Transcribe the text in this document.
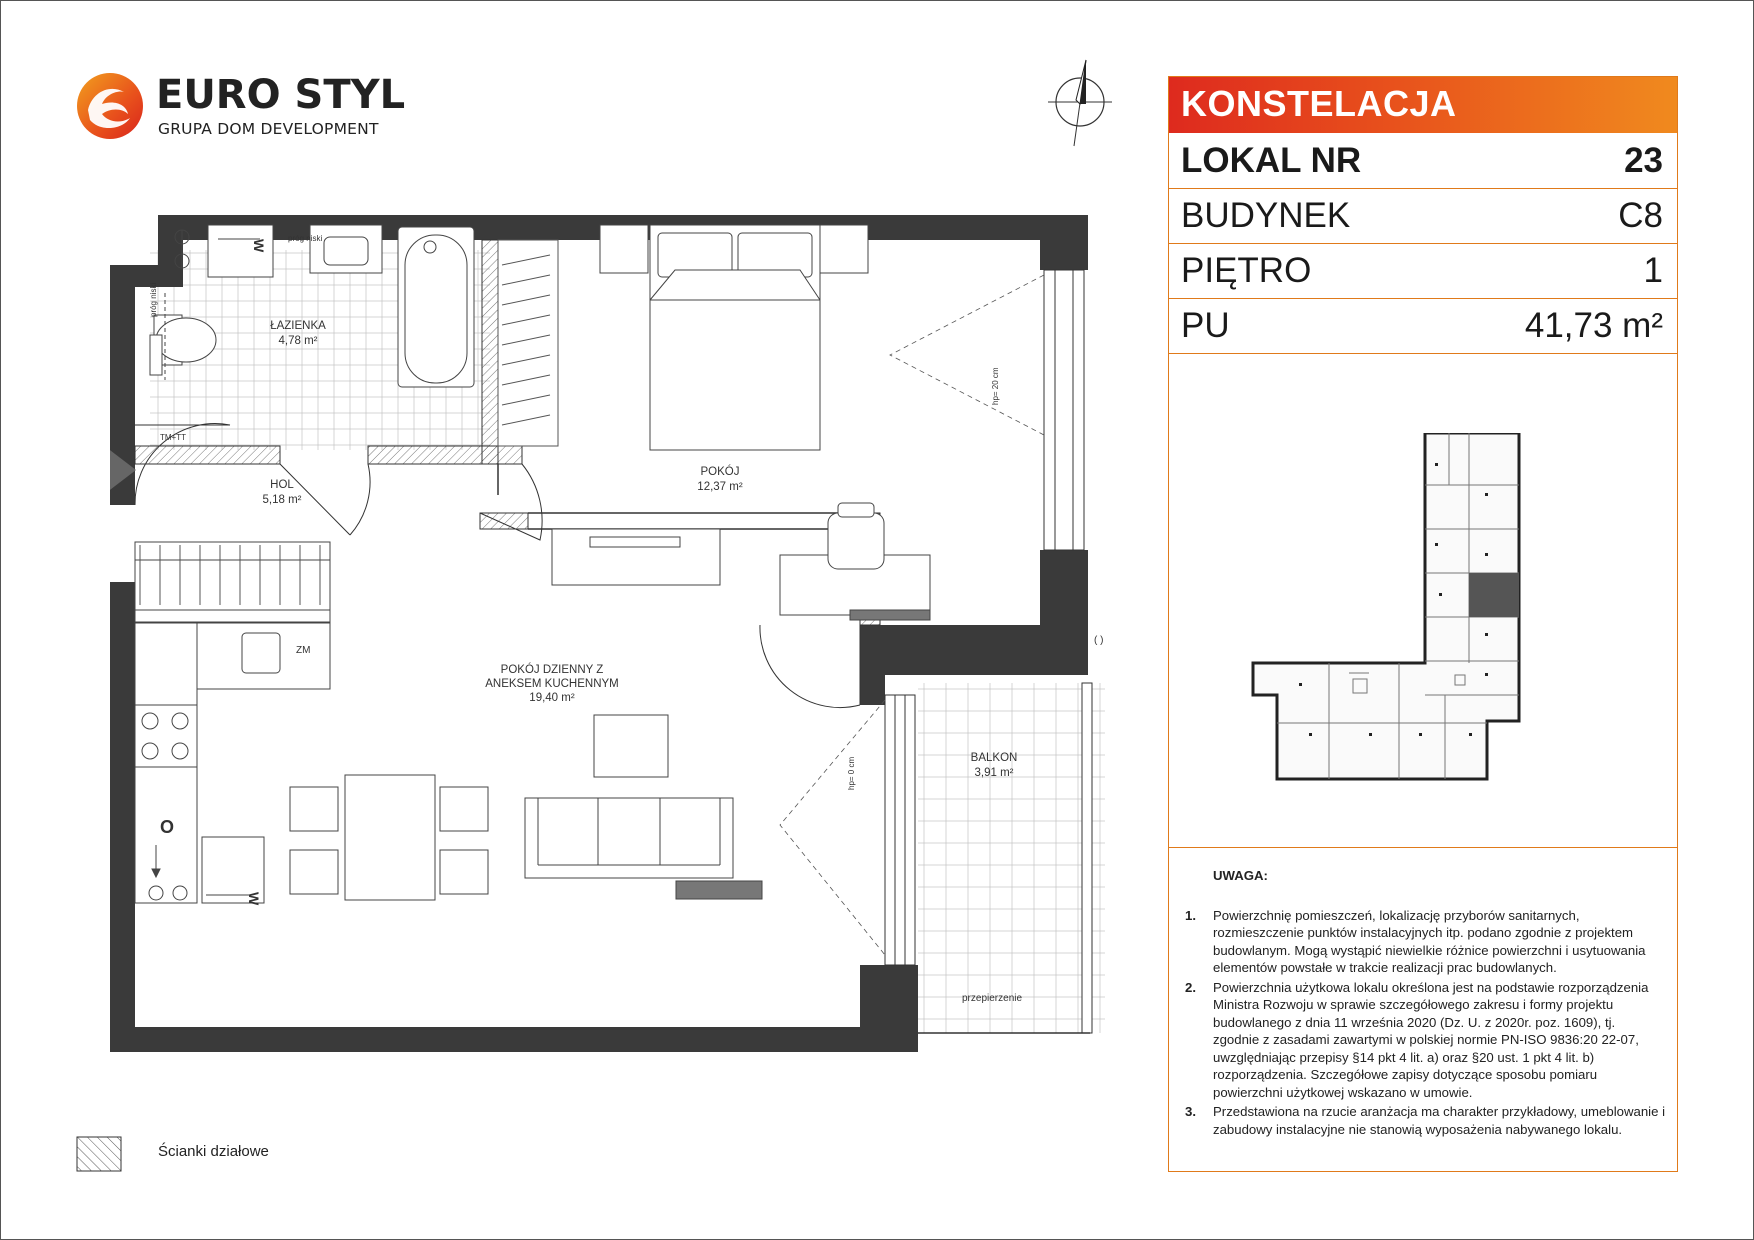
EURO STYL
GRUPA DOM DEVELOPMENT
KONSTELACJA
LOKAL NR	23
BUDYNEK	C8
PIĘTRO	1
PU	41,73 m²
UWAGA:
1. Powierzchnię pomieszczeń, lokalizację przyborów sanitarnych, rozmieszczenie punktów instalacyjnych itp. podano zgodnie z projektem budowlanym. Mogą wystąpić niewielkie różnice powierzchni i usytuowania elementów powstałe w trakcie realizacji prac budowlanych.
2. Powierzchnia użytkowa lokalu określona jest na podstawie rozporządzenia Ministra Rozwoju w sprawie szczegółowego zakresu i formy projektu budowlanego z dnia 11 września 2020 (Dz. U. z 2020r. poz. 1609), tj. zgodnie z zasadami zawartymi w polskiej normie PN-ISO 9836:20 22-07, uwzględniając przepisy §14 pkt 4 lit. a) oraz §20 ust. 1 pkt 4 lit. b) rozporządzenia. Szczegółowe zapisy dotyczące sposobu pomiaru powierzchni użytkowej wskazano w umowie.
3. Przedstawiona na rzucie aranżacja ma charakter przykładowy, umeblowanie i zabudowy instalacyjne nie stanowią wyposażenia nabywanego lokalu.
próg niski
próg niski
TM+TT
W
ZM
O
W
ŁAZIENKA
4,78 m²
HOL
5,18 m²
POKÓJ
12,37 m²
POKÓJ DZIENNY Z
ANEKSEM KUCHENNYM
19,40 m²
BALKON
3,91 m²
hp= 20 cm
hp= 0 cm
przepierzenie
( )
Ścianki działowe
